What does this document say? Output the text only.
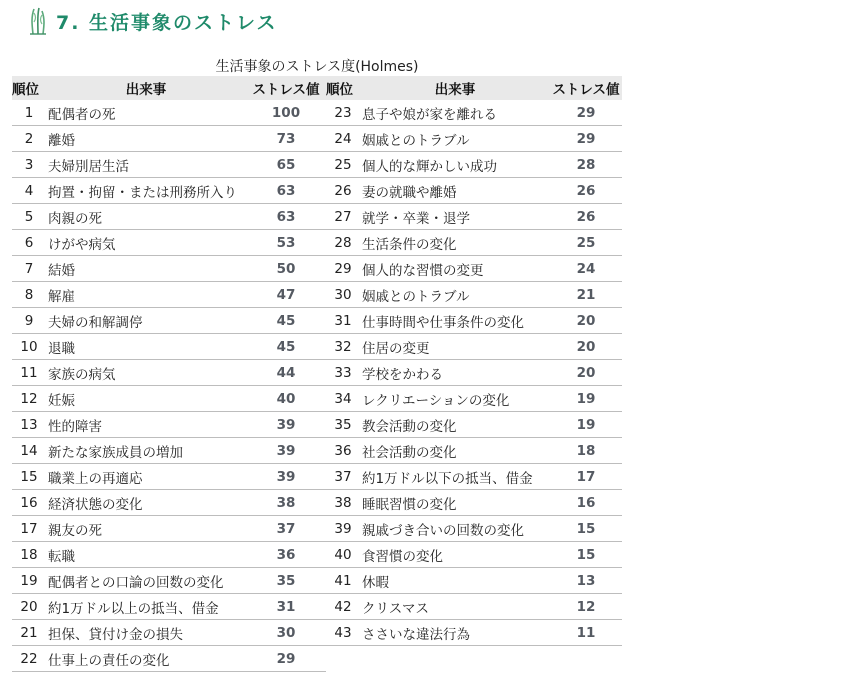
7. 生活事象のストレス
生活事象のストレス度(Holmes)
順位	出来事	ストレス値	順位	出来事	ストレス値
1	配偶者の死	100	23	息子や娘が家を離れる	29
2	離婚	73	24	姻戚とのトラブル	29
3	夫婦別居生活	65	25	個人的な輝かしい成功	28
4	拘置・拘留・または刑務所入り	63	26	妻の就職や離婚	26
5	肉親の死	63	27	就学・卒業・退学	26
6	けがや病気	53	28	生活条件の変化	25
7	結婚	50	29	個人的な習慣の変更	24
8	解雇	47	30	姻戚とのトラブル	21
9	夫婦の和解調停	45	31	仕事時間や仕事条件の変化	20
10	退職	45	32	住居の変更	20
11	家族の病気	44	33	学校をかわる	20
12	妊娠	40	34	レクリエーションの変化	19
13	性的障害	39	35	教会活動の変化	19
14	新たな家族成員の増加	39	36	社会活動の変化	18
15	職業上の再適応	39	37	約1万ドル以下の抵当、借金	17
16	経済状態の変化	38	38	睡眠習慣の変化	16
17	親友の死	37	39	親戚づき合いの回数の変化	15
18	転職	36	40	食習慣の変化	15
19	配偶者との口論の回数の変化	35	41	休暇	13
20	約1万ドル以上の抵当、借金	31	42	クリスマス	12
21	担保、貸付け金の損失	30	43	ささいな違法行為	11
22	仕事上の責任の変化	29			
